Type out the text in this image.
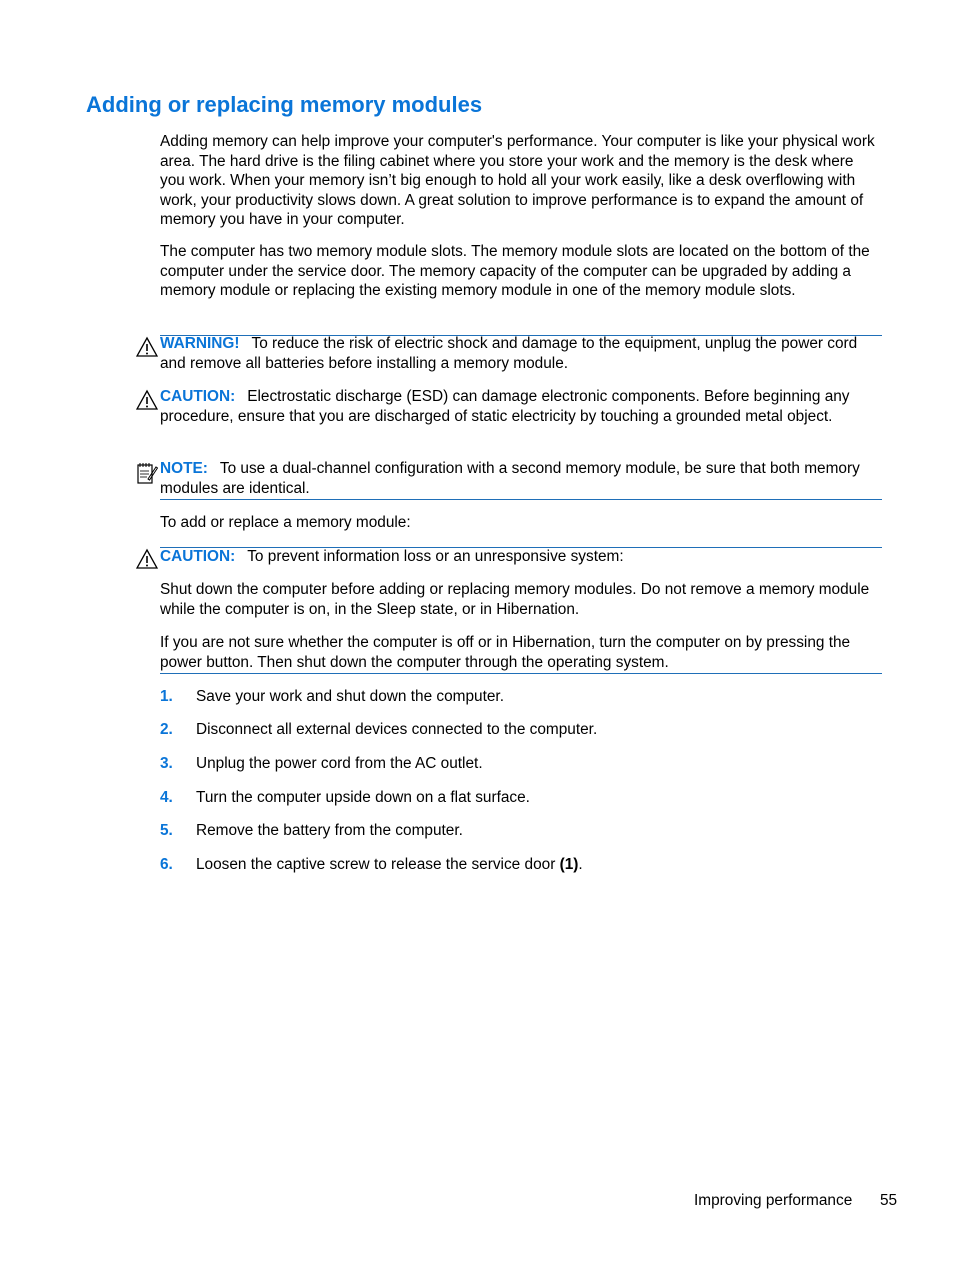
Adding or replacing memory modules

Adding memory can help improve your computer's performance. Your computer is like your physical work area. The hard drive is the filing cabinet where you store your work and the memory is the desk where you work. When your memory isn’t big enough to hold all your work easily, like a desk overflowing with work, your productivity slows down. A great solution to improve performance is to expand the amount of memory you have in your computer.

The computer has two memory module slots. The memory module slots are located on the bottom of the computer under the service door. The memory capacity of the computer can be upgraded by adding a memory module or replacing the existing memory module in one of the memory module slots.

WARNING! To reduce the risk of electric shock and damage to the equipment, unplug the power cord and remove all batteries before installing a memory module.
CAUTION: Electrostatic discharge (ESD) can damage electronic components. Before beginning any procedure, ensure that you are discharged of static electricity by touching a grounded metal object.
NOTE: To use a dual-channel configuration with a second memory module, be sure that both memory modules are identical.

To add or replace a memory module:

CAUTION: To prevent information loss or an unresponsive system:

Shut down the computer before adding or replacing memory modules. Do not remove a memory module while the computer is on, in the Sleep state, or in Hibernation.

If you are not sure whether the computer is off or in Hibernation, turn the computer on by pressing the power button. Then shut down the computer through the operating system.

1. Save your work and shut down the computer.
2. Disconnect all external devices connected to the computer.
3. Unplug the power cord from the AC outlet.
4. Turn the computer upside down on a flat surface.
5. Remove the battery from the computer.
6. Loosen the captive screw to release the service door (1).
Improving performance 55
